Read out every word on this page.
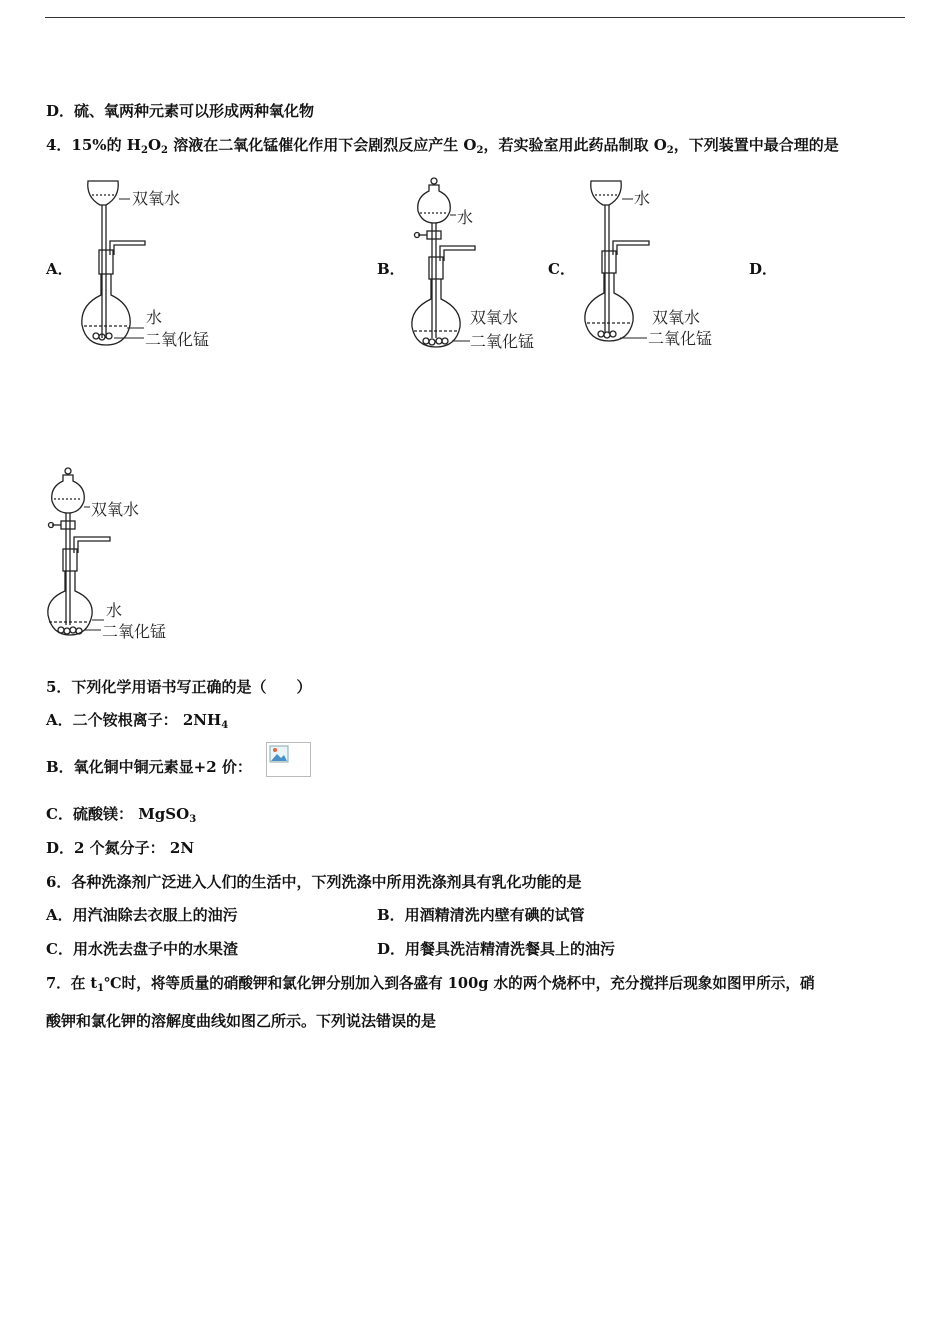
D．硫、氧两种元素可以形成两种氧化物
4．15%的 $H_2O_2$ 溶液在二氧化锰催化作用下会剧烈反应产生 $O_2$，若实验室用此药品制取 $O_2$，下列装置中最合理的是
A．	B．	C．	D．
双氧水
水
二氧化锰
水
双氧水
二氧化锰
水
双氧水
二氧化锰
双氧水
水
二氧化锰
5．下列化学用语书写正确的是（　　）
A．二个铵根离子： $2NH_4$
B．氧化铜中铜元素显+2 价：
C．硫酸镁： MgSO$_3$
D．2 个氮分子： 2N
6．各种洗涤剂广泛进入人们的生活中，下列洗涤中所用洗涤剂具有乳化功能的是
A．用汽油除去衣服上的油污	B．用酒精清洗内壁有碘的试管
C．用水洗去盘子中的水果渣	D．用餐具洗洁精清洗餐具上的油污
7．在 $t_1℃$时，将等质量的硝酸钾和氯化钾分别加入到各盛有 100g 水的两个烧杯中，充分搅拌后现象如图甲所示，硝
酸钾和氯化钾的溶解度曲线如图乙所示。下列说法错误的是
